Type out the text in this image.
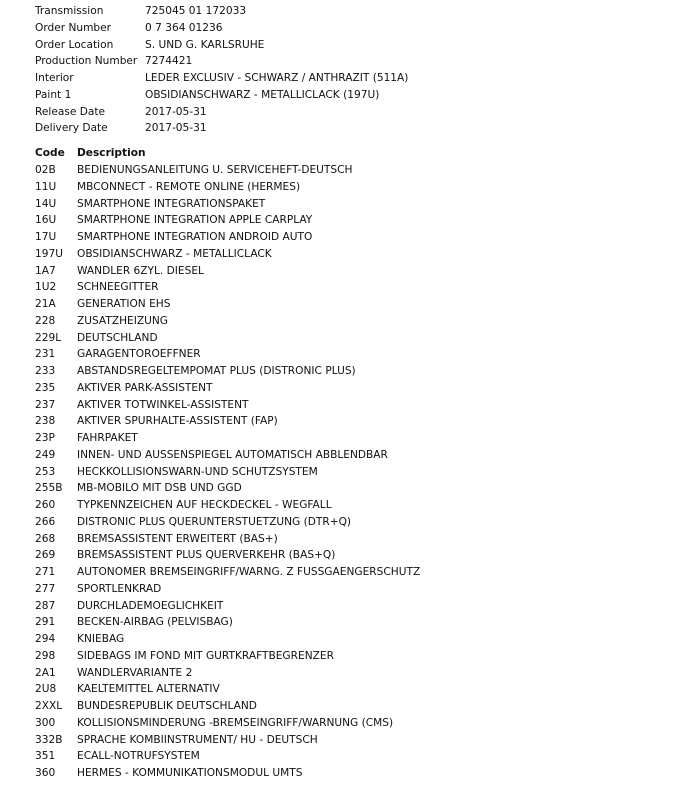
Transmission	725045 01 172033
Order Number	0 7 364 01236
Order Location	S. UND G. KARLSRUHE
Production Number 7274421
Interior	LEDER EXCLUSIV - SCHWARZ / ANTHRAZIT (511A)
Paint 1	OBSIDIANSCHWARZ - METALLICLACK (197U)
Release Date	2017-05-31
Delivery Date	2017-05-31
Code	Description
02B	BEDIENUNGSANLEITUNG U. SERVICEHEFT-DEUTSCH
11U	MBCONNECT - REMOTE ONLINE (HERMES)
14U	SMARTPHONE INTEGRATIONSPAKET
16U	SMARTPHONE INTEGRATION APPLE CARPLAY
17U	SMARTPHONE INTEGRATION ANDROID AUTO
197U	OBSIDIANSCHWARZ - METALLICLACK
1A7	WANDLER 6ZYL. DIESEL
1U2	SCHNEEGITTER
21A	GENERATION EHS
228	ZUSATZHEIZUNG
229L	DEUTSCHLAND
231	GARAGENTOROEFFNER
233	ABSTANDSREGELTEMPOMAT PLUS (DISTRONIC PLUS)
235	AKTIVER PARK-ASSISTENT
237	AKTIVER TOTWINKEL-ASSISTENT
238	AKTIVER SPURHALTE-ASSISTENT (FAP)
23P	FAHRPAKET
249	INNEN- UND AUSSENSPIEGEL AUTOMATISCH ABBLENDBAR
253	HECKKOLLISIONSWARN-UND SCHUTZSYSTEM
255B	MB-MOBILO MIT DSB UND GGD
260	TYPKENNZEICHEN AUF HECKDECKEL - WEGFALL
266	DISTRONIC PLUS QUERUNTERSTUETZUNG (DTR+Q)
268	BREMSASSISTENT ERWEITERT (BAS+)
269	BREMSASSISTENT PLUS QUERVERKEHR (BAS+Q)
271	AUTONOMER BREMSEINGRIFF/WARNG. Z FUSSGAENGERSCHUTZ
277	SPORTLENKRAD
287	DURCHLADEMOEGLICHKEIT
291	BECKEN-AIRBAG (PELVISBAG)
294	KNIEBAG
298	SIDEBAGS IM FOND MIT GURTKRAFTBEGRENZER
2A1	WANDLERVARIANTE 2
2U8	KAELTEMITTEL ALTERNATIV
2XXL	BUNDESREPUBLIK DEUTSCHLAND
300	KOLLISIONSMINDERUNG -BREMSEINGRIFF/WARNUNG (CMS)
332B	SPRACHE KOMBIINSTRUMENT/ HU - DEUTSCH
351	ECALL-NOTRUFSYSTEM
360	HERMES - KOMMUNIKATIONSMODUL UMTS
